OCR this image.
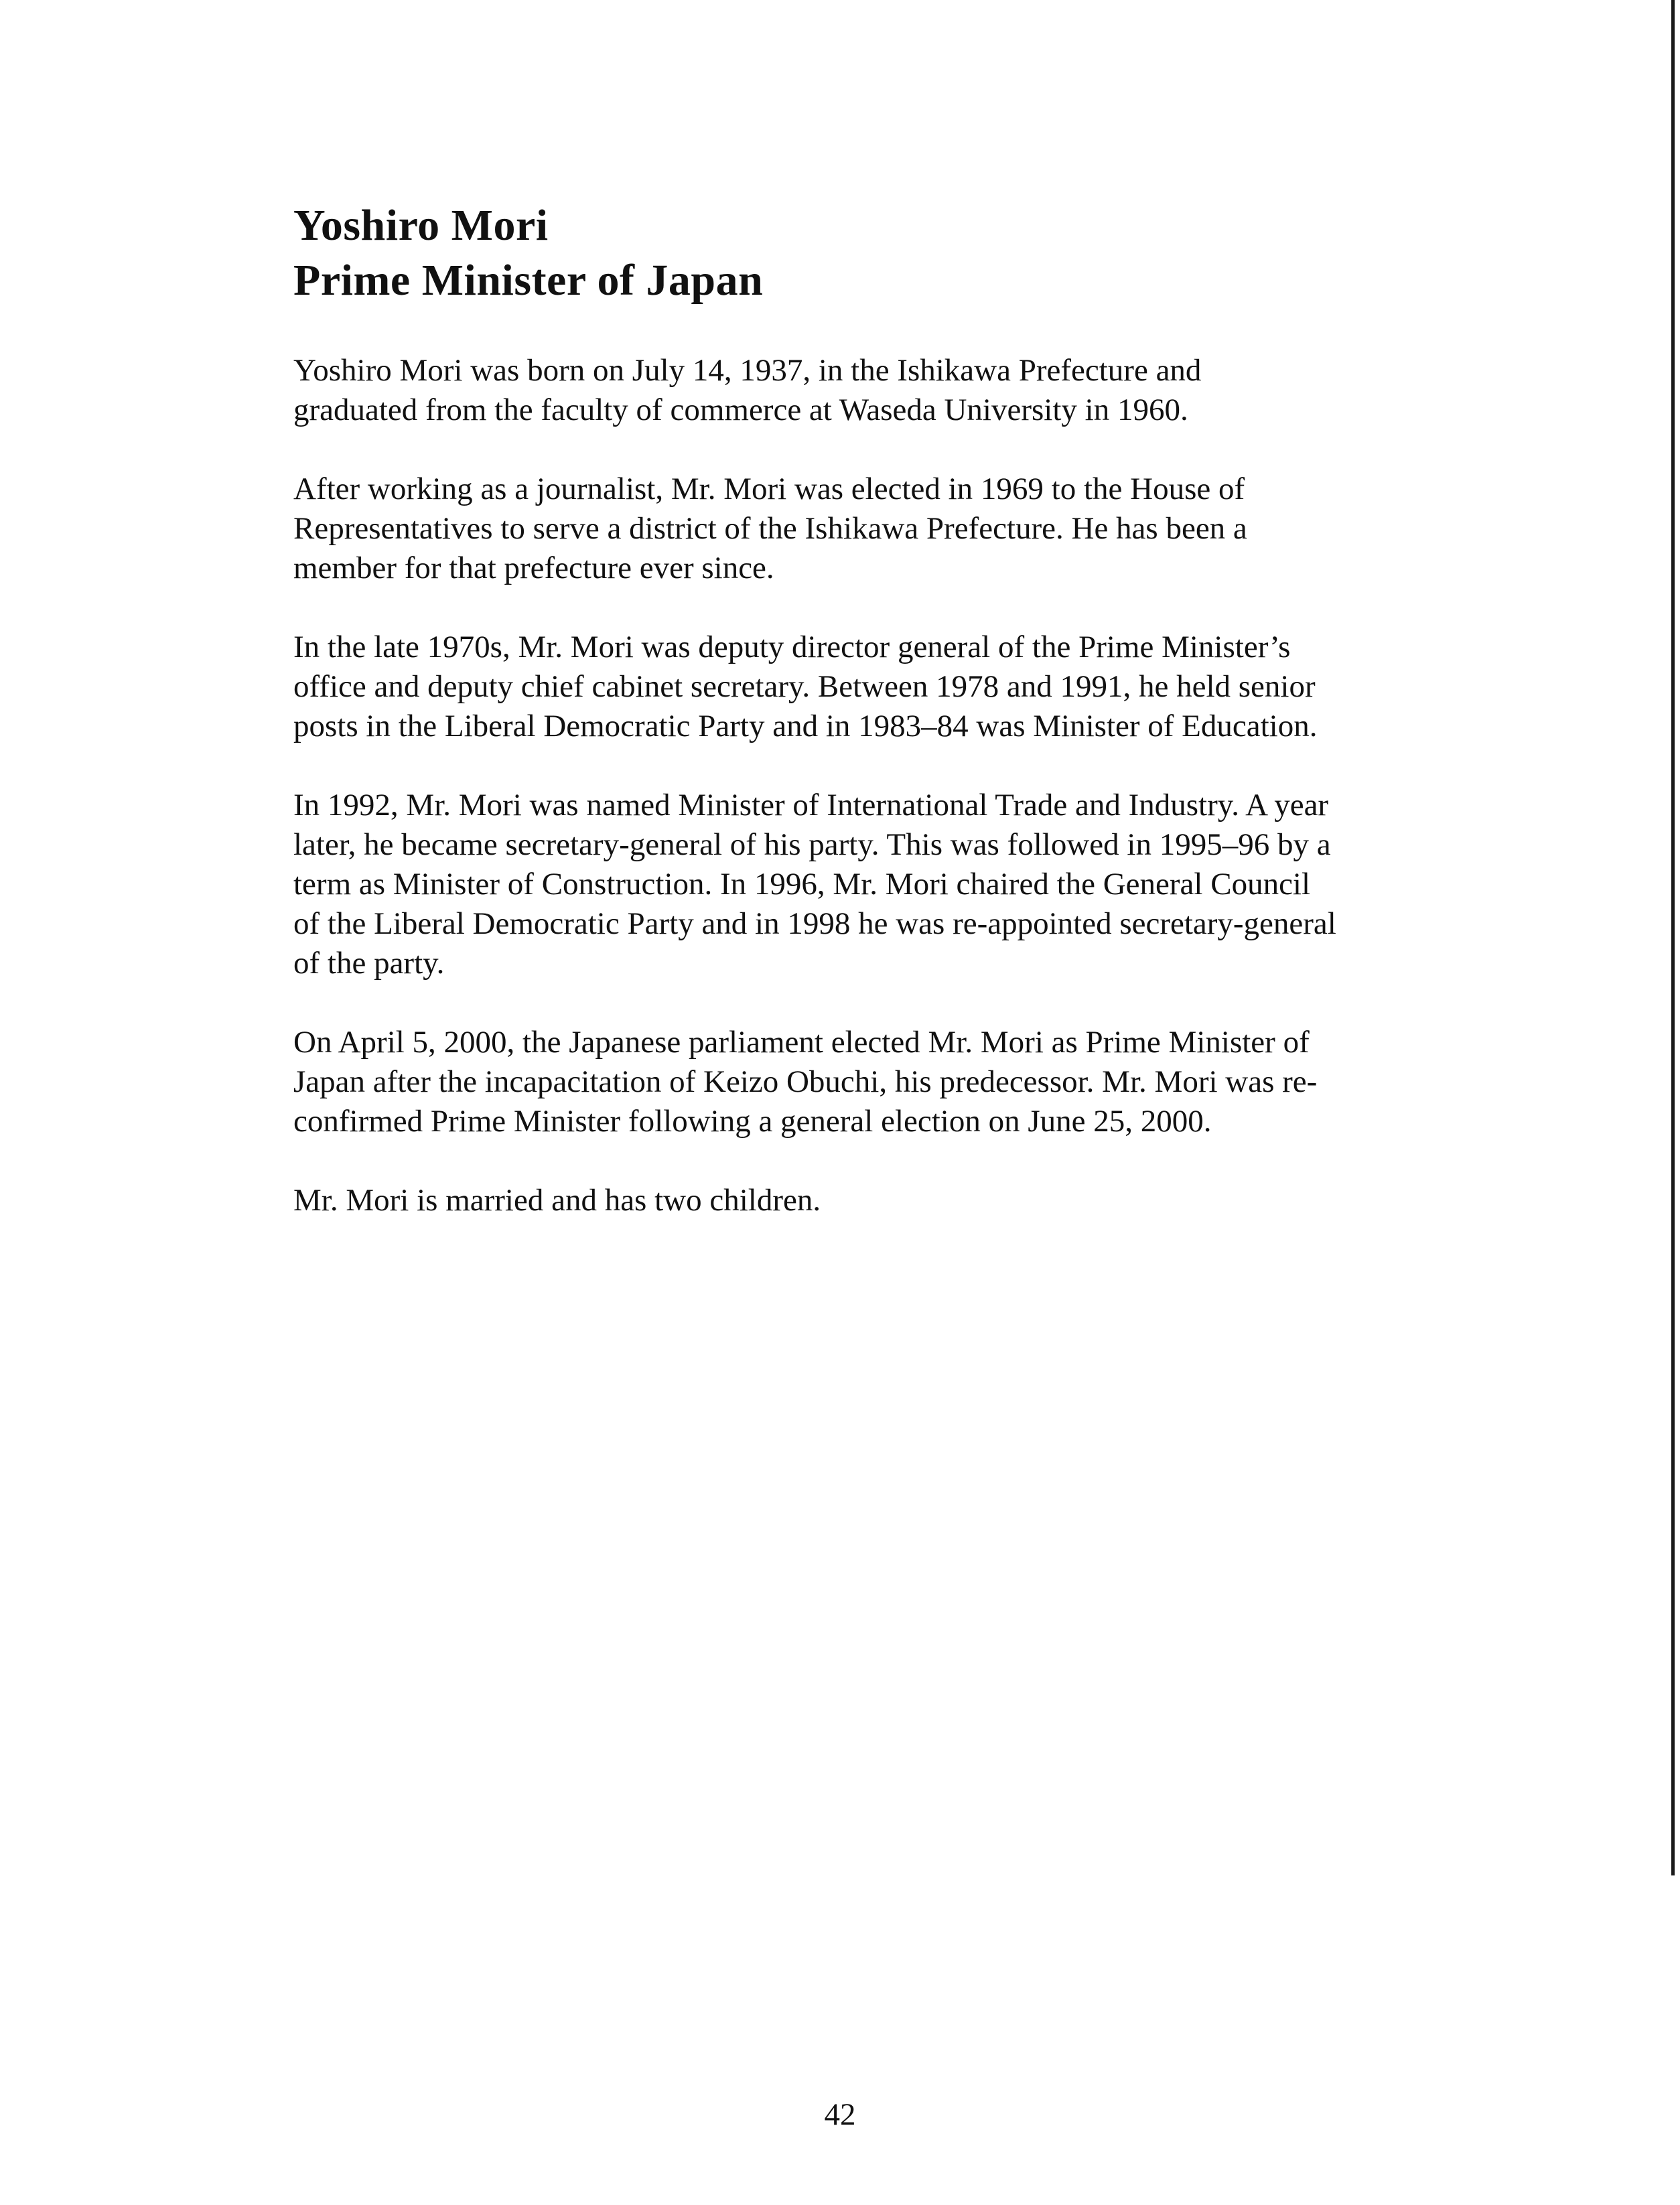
Yoshiro Mori
Prime Minister of Japan

Yoshiro Mori was born on July 14, 1937, in the Ishikawa Prefecture and
graduated from the faculty of commerce at Waseda University in 1960.

After working as a journalist, Mr. Mori was elected in 1969 to the House of
Representatives to serve a district of the Ishikawa Prefecture. He has been a
member for that prefecture ever since.

In the late 1970s, Mr. Mori was deputy director general of the Prime Minister’s
office and deputy chief cabinet secretary. Between 1978 and 1991, he held senior
posts in the Liberal Democratic Party and in 1983–84 was Minister of Education.

In 1992, Mr. Mori was named Minister of International Trade and Industry. A year
later, he became secretary-general of his party. This was followed in 1995–96 by a
term as Minister of Construction. In 1996, Mr. Mori chaired the General Council
of the Liberal Democratic Party and in 1998 he was re-appointed secretary-general
of the party.

On April 5, 2000, the Japanese parliament elected Mr. Mori as Prime Minister of
Japan after the incapacitation of Keizo Obuchi, his predecessor. Mr. Mori was re-
confirmed Prime Minister following a general election on June 25, 2000.

Mr. Mori is married and has two children.

42
